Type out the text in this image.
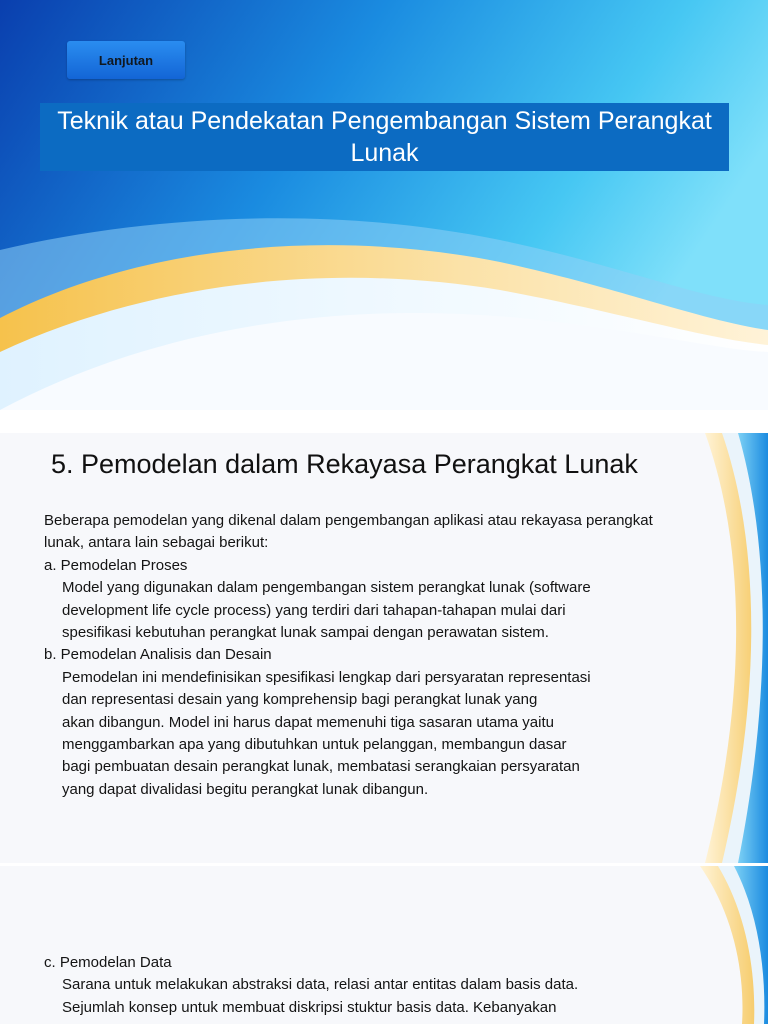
Lanjutan
Teknik atau Pendekatan Pengembangan Sistem Perangkat Lunak
5. Pemodelan dalam Rekayasa Perangkat Lunak

Beberapa pemodelan yang dikenal dalam pengembangan aplikasi atau rekayasa perangkat

lunak, antara lain sebagai berikut:

a. Pemodelan Proses

Model yang digunakan dalam pengembangan sistem perangkat lunak (software

development life cycle process) yang terdiri dari tahapan-tahapan mulai dari

spesifikasi kebutuhan perangkat lunak sampai dengan perawatan sistem.

b. Pemodelan Analisis dan Desain

Pemodelan ini mendefinisikan spesifikasi lengkap dari persyaratan representasi

dan representasi desain yang komprehensip bagi perangkat lunak yang

akan dibangun. Model ini harus dapat memenuhi tiga sasaran utama yaitu

menggambarkan apa yang dibutuhkan untuk pelanggan, membangun dasar

bagi pembuatan desain perangkat lunak, membatasi serangkaian persyaratan

yang dapat divalidasi begitu perangkat lunak dibangun.

c. Pemodelan Data

Sarana untuk melakukan abstraksi data, relasi antar entitas dalam basis data.

Sejumlah konsep untuk membuat diskripsi stuktur basis data. Kebanyakan
